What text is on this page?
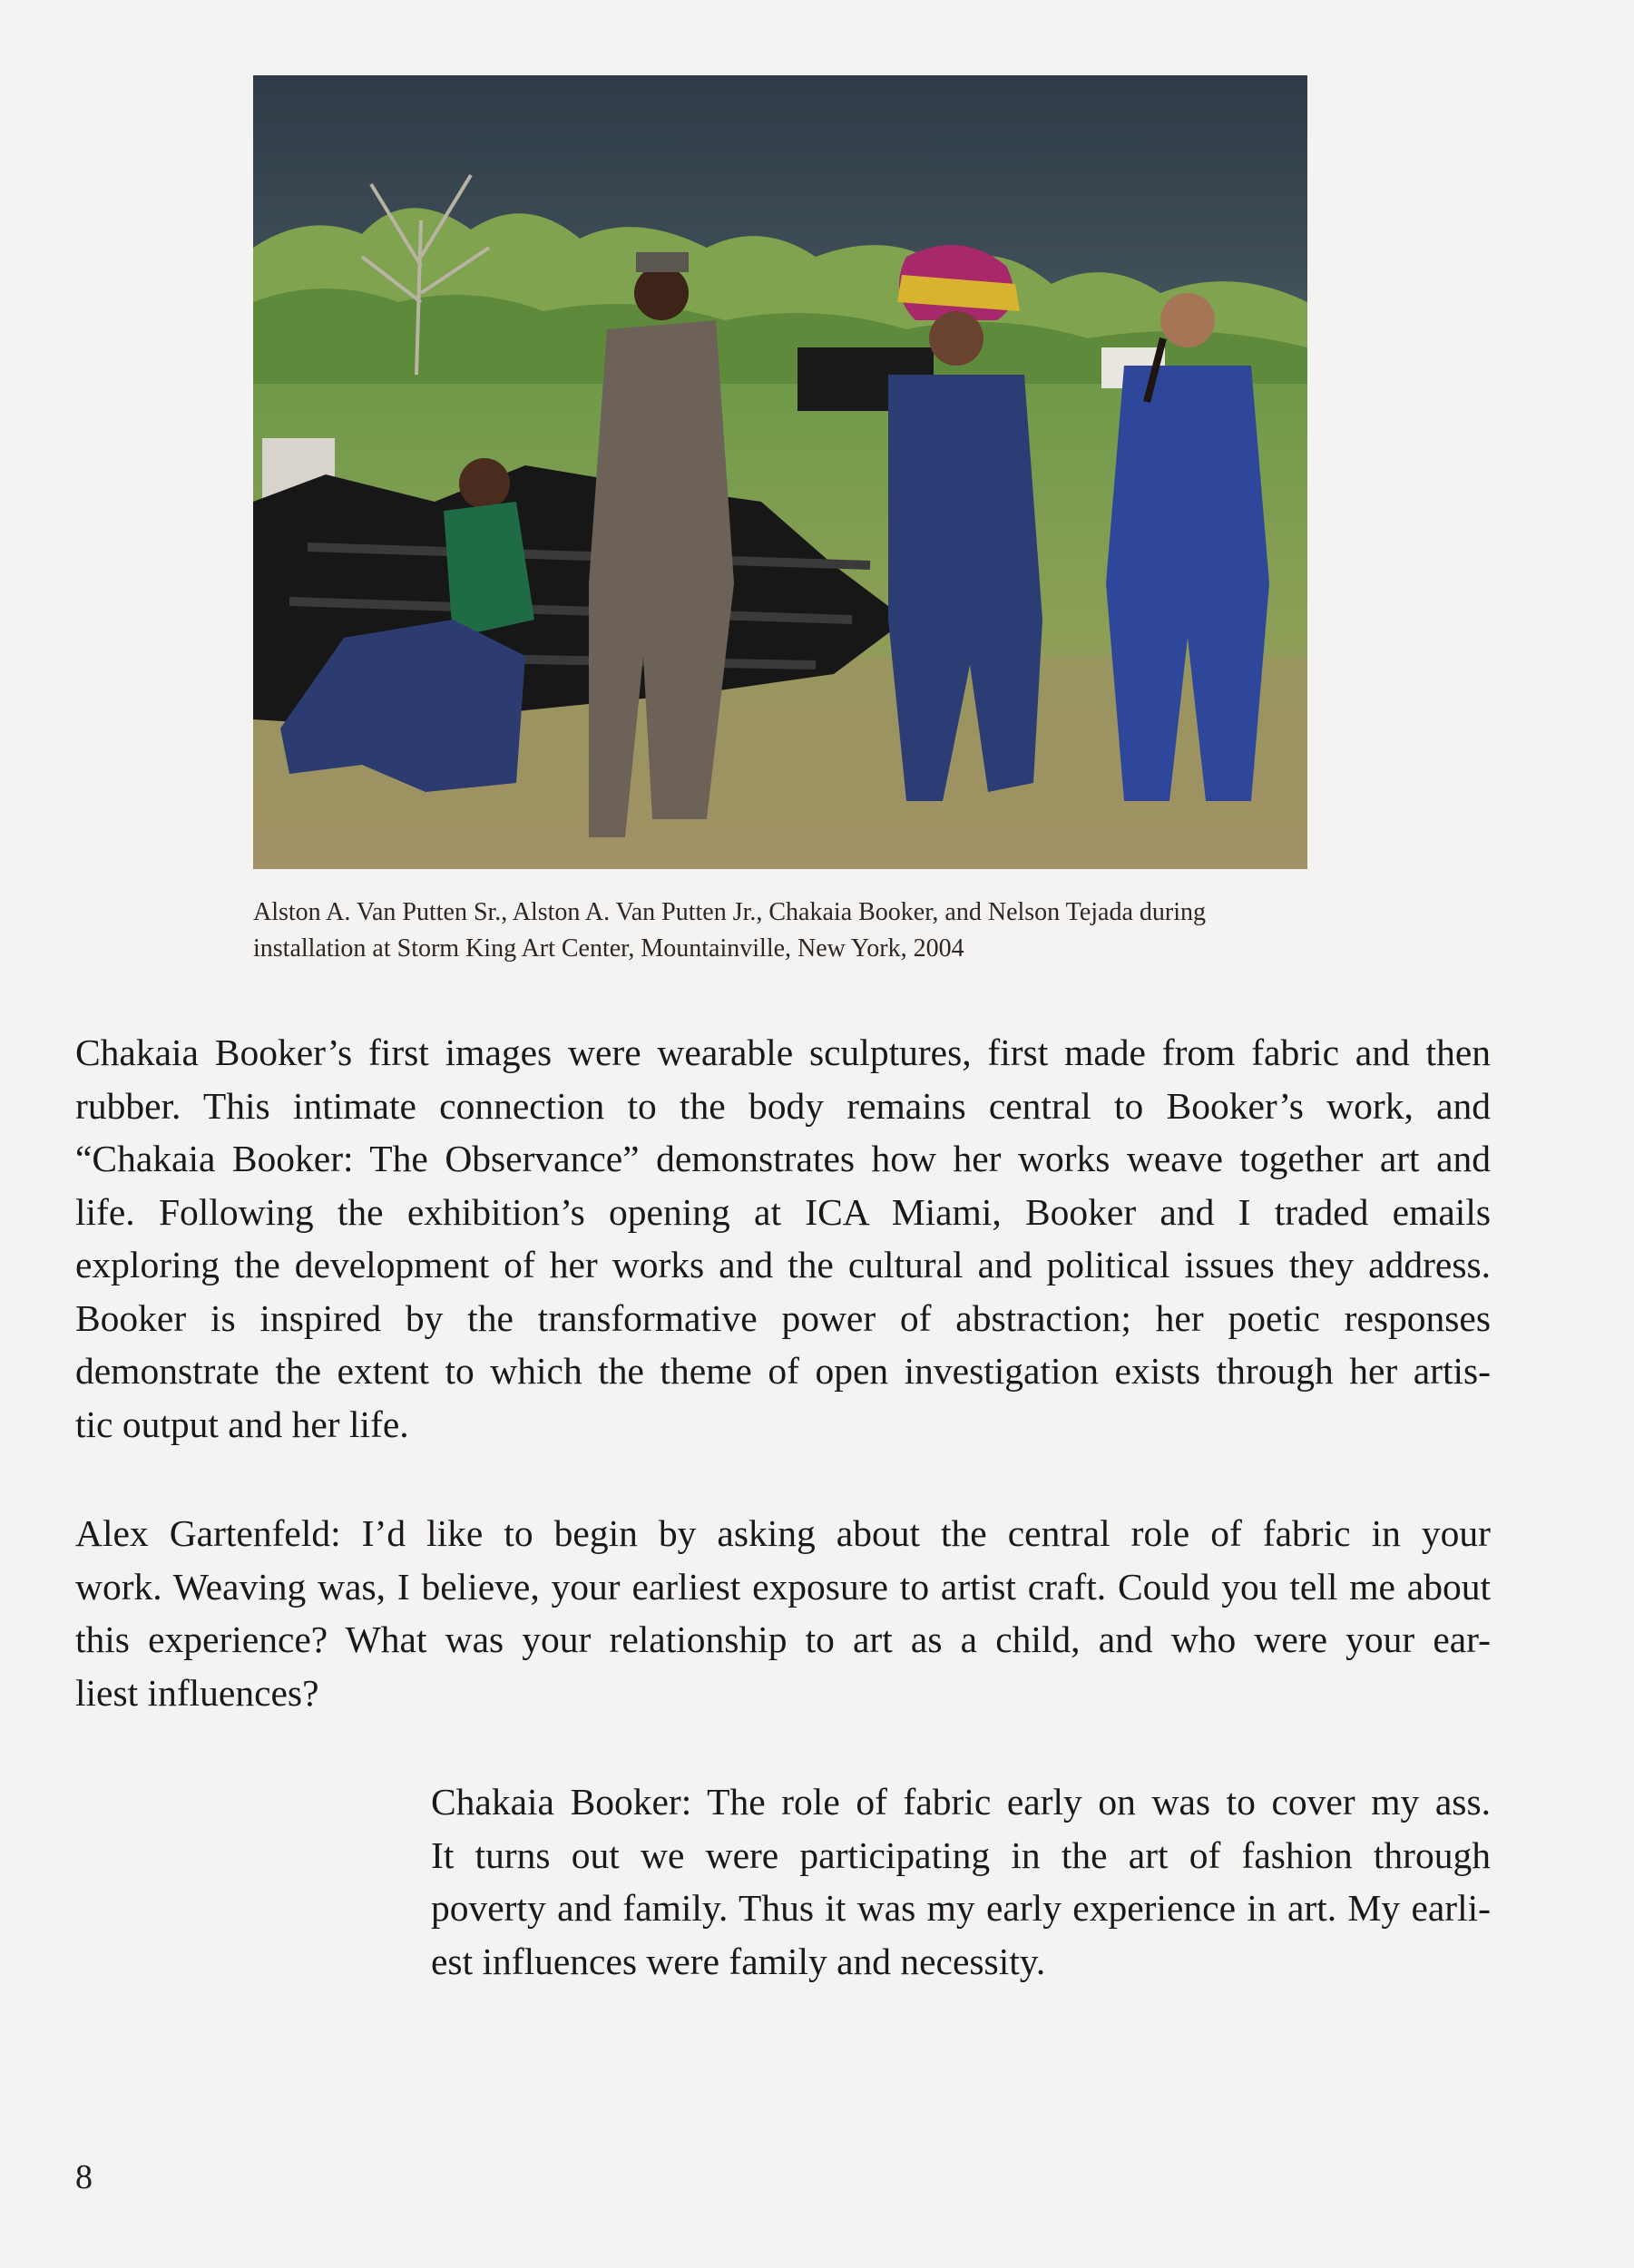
Alston A. Van Putten Sr., Alston A. Van Putten Jr., Chakaia Booker, and Nelson Tejada during
installation at Storm King Art Center, Mountainville, New York, 2004
Chakaia Booker’s first images were wearable sculptures, first made from fabric and then
rubber. This intimate connection to the body remains central to Booker’s work, and
“Chakaia Booker: The Observance” demonstrates how her works weave together art and
life. Following the exhibition’s opening at ICA Miami, Booker and I traded emails
exploring the development of her works and the cultural and political issues they address.
Booker is inspired by the transformative power of abstraction; her poetic responses
demonstrate the extent to which the theme of open investigation exists through her artis-
tic output and her life.
Alex Gartenfeld: I’d like to begin by asking about the central role of fabric in your
work. Weaving was, I believe, your earliest exposure to artist craft. Could you tell me about
this experience? What was your relationship to art as a child, and who were your ear-
liest influences?
Chakaia Booker: The role of fabric early on was to cover my ass.
It turns out we were participating in the art of fashion through
poverty and family. Thus it was my early experience in art. My earli-
est influences were family and necessity.
8
